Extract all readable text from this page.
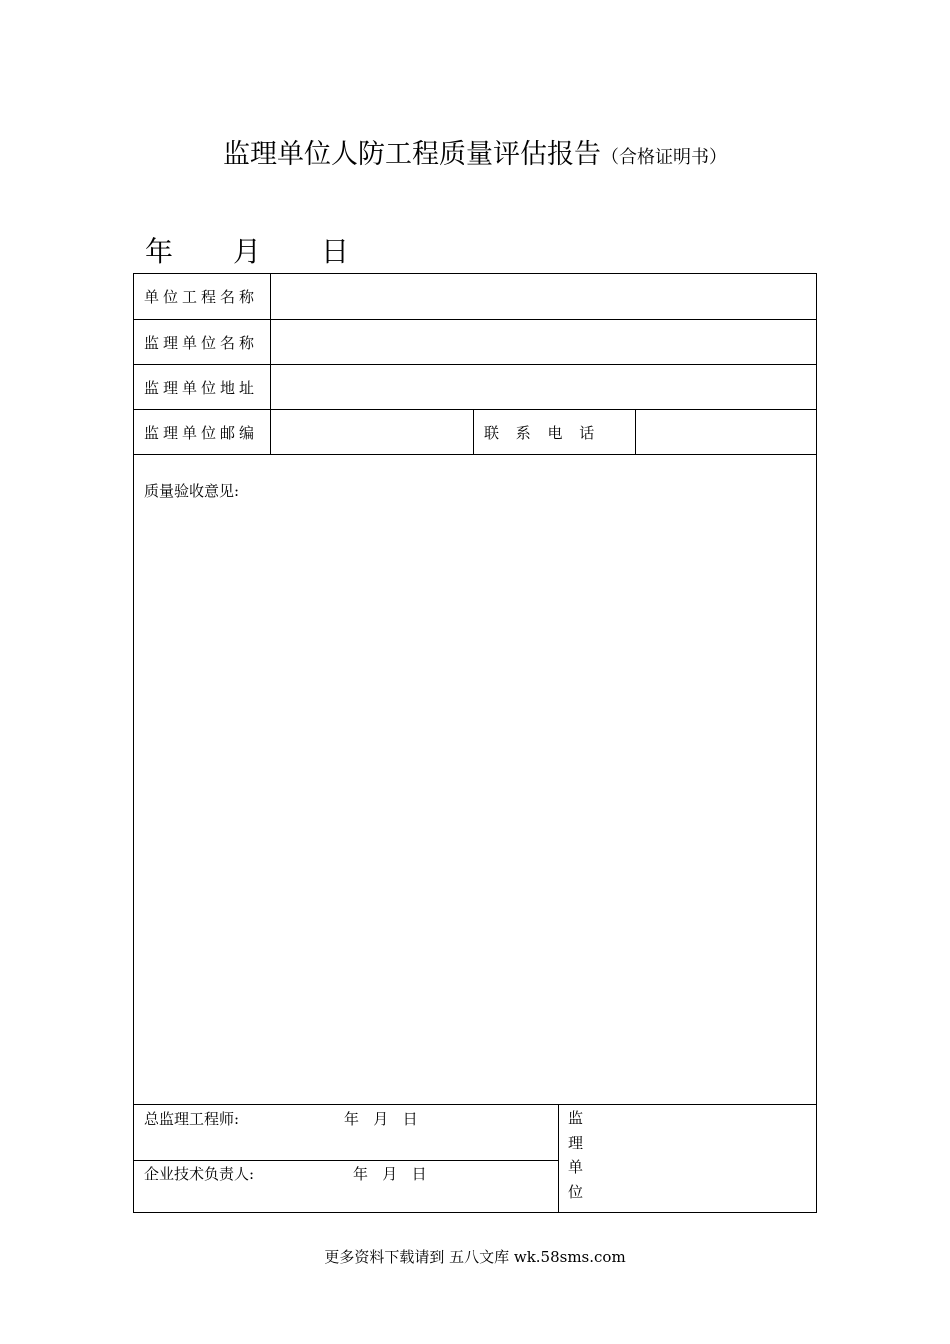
监理单位人防工程质量评估报告（合格证明书）
年	月	日
单位工程名称
监理单位名称
监理单位地址
监理单位邮编	联 系 电 话
质量验收意见:
总监理工程师:	年   月   日
企业技术负责人:	年   月   日
监理单位
更多资料下载请到 五八文库 wk.58sms.com
